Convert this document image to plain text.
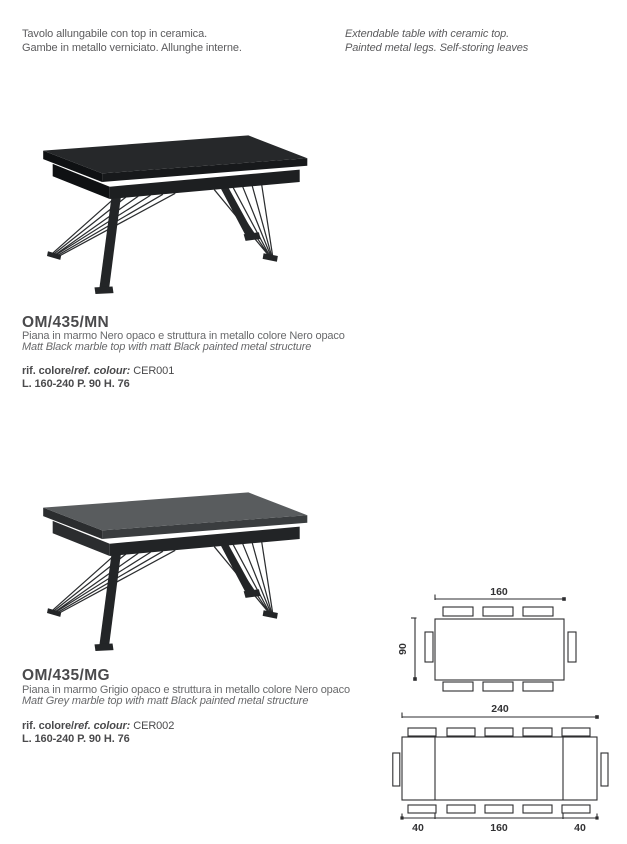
Tavolo allungabile con top in ceramica.
Gambe in metallo verniciato. Allunghe interne.
Extendable table with ceramic top.
Painted metal legs. Self-storing leaves
OM/435/MN
Piana in marmo Nero opaco e struttura in metallo colore Nero opaco
Matt Black marble top with matt Black painted metal structure
rif. colore/ref. colour: CER001
L. 160-240 P. 90 H. 76
OM/435/MG
Piana in marmo Grigio opaco e struttura in metallo colore Nero opaco
Matt Grey marble top with matt Black painted metal structure
rif. colore/ref. colour: CER002
L. 160-240 P. 90 H. 76
160
90
240
40	160	40
